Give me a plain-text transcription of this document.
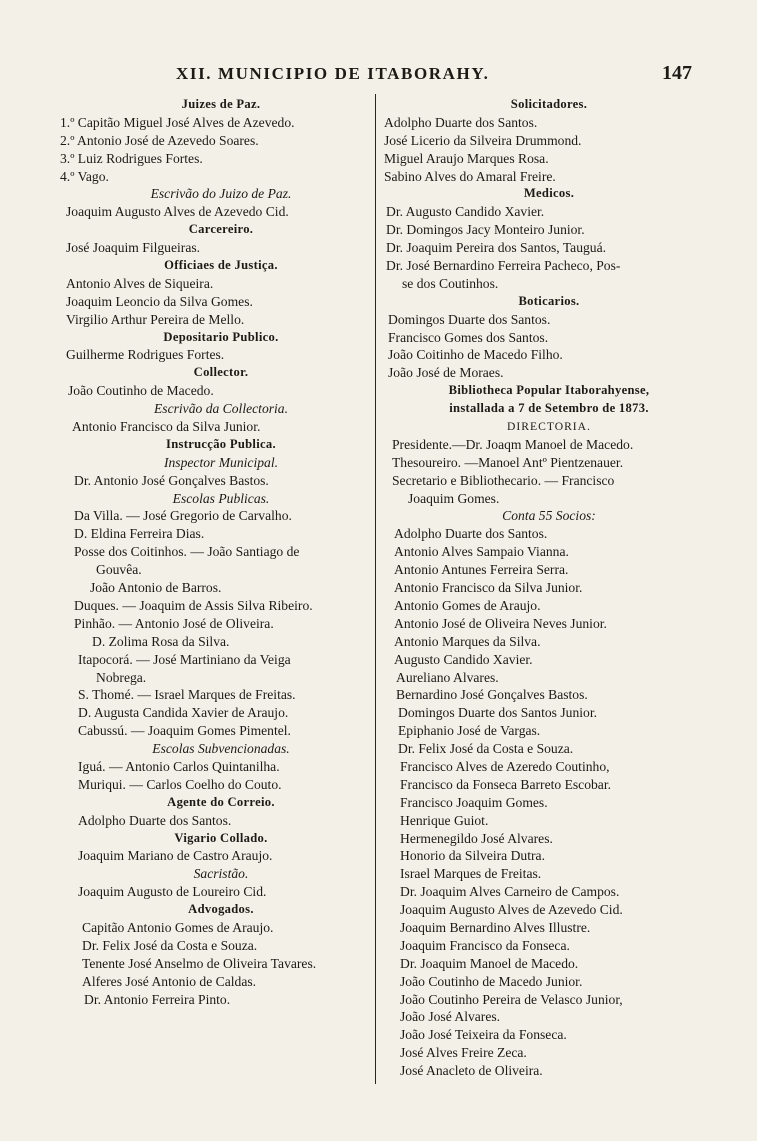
XII. MUNICIPIO DE ITABORAHY.	147
Juizes de Paz.
1.º Capitão Miguel José Alves de Azevedo.
2.º Antonio José de Azevedo Soares.
3.º Luiz Rodrigues Fortes.
4.º Vago.
Escrivão do Juizo de Paz.
Joaquim Augusto Alves de Azevedo Cid.
Carcereiro.
José Joaquim Filgueiras.
Officiaes de Justiça.
Antonio Alves de Siqueira.
Joaquim Leoncio da Silva Gomes.
Virgilio Arthur Pereira de Mello.
Depositario Publico.
Guilherme Rodrigues Fortes.
Collector.
João Coutinho de Macedo.
Escrivão da Collectoria.
Antonio Francisco da Silva Junior.
Instrucção Publica.
Inspector Municipal.
Dr. Antonio José Gonçalves Bastos.
Escolas Publicas.
Da Villa. — José Gregorio de Carvalho.
D. Eldina Ferreira Dias.
Posse dos Coitinhos. — João Santiago de
Gouvêa.
João Antonio de Barros.
Duques. — Joaquim de Assis Silva Ribeiro.
Pinhão. — Antonio José de Oliveira.
D. Zolima Rosa da Silva.
Itapocorá. — José Martiniano da Veiga
Nobrega.
S. Thomé. — Israel Marques de Freitas.
D. Augusta Candida Xavier de Araujo.
Cabussú. — Joaquim Gomes Pimentel.
Escolas Subvencionadas.
Iguá. — Antonio Carlos Quintanilha.
Muriqui. — Carlos Coelho do Couto.
Agente do Correio.
Adolpho Duarte dos Santos.
Vigario Collado.
Joaquim Mariano de Castro Araujo.
Sacristão.
Joaquim Augusto de Loureiro Cid.
Advogados.
Capitão Antonio Gomes de Araujo.
Dr. Felix José da Costa e Souza.
Tenente José Anselmo de Oliveira Tavares.
Alferes José Antonio de Caldas.
Dr. Antonio Ferreira Pinto.
Solicitadores.
Adolpho Duarte dos Santos.
José Licerio da Silveira Drummond.
Miguel Araujo Marques Rosa.
Sabino Alves do Amaral Freire.
Medicos.
Dr. Augusto Candido Xavier.
Dr. Domingos Jacy Monteiro Junior.
Dr. Joaquim Pereira dos Santos, Tauguá.
Dr. José Bernardino Ferreira Pacheco, Pos-
se dos Coutinhos.
Boticarios.
Domingos Duarte dos Santos.
Francisco Gomes dos Santos.
João Coitinho de Macedo Filho.
João José de Moraes.
Bibliotheca Popular Itaborahyense,
installada a 7 de Setembro de 1873.
DIRECTORIA.
Presidente.—Dr. Joaqm Manoel de Macedo.
Thesoureiro. —Manoel Antº Pientzenauer.
Secretario e Bibliothecario. — Francisco
Joaquim Gomes.
Conta 55 Socios:
Adolpho Duarte dos Santos.
Antonio Alves Sampaio Vianna.
Antonio Antunes Ferreira Serra.
Antonio Francisco da Silva Junior.
Antonio Gomes de Araujo.
Antonio José de Oliveira Neves Junior.
Antonio Marques da Silva.
Augusto Candido Xavier.
Aureliano Alvares.
Bernardino José Gonçalves Bastos.
Domingos Duarte dos Santos Junior.
Epiphanio José de Vargas.
Dr. Felix José da Costa e Souza.
Francisco Alves de Azeredo Coutinho,
Francisco da Fonseca Barreto Escobar.
Francisco Joaquim Gomes.
Henrique Guiot.
Hermenegildo José Alvares.
Honorio da Silveira Dutra.
Israel Marques de Freitas.
Dr. Joaquim Alves Carneiro de Campos.
Joaquim Augusto Alves de Azevedo Cid.
Joaquim Bernardino Alves Illustre.
Joaquim Francisco da Fonseca.
Dr. Joaquim Manoel de Macedo.
João Coutinho de Macedo Junior.
João Coutinho Pereira de Velasco Junior,
João José Alvares.
João José Teixeira da Fonseca.
José Alves Freire Zeca.
José Anacleto de Oliveira.
